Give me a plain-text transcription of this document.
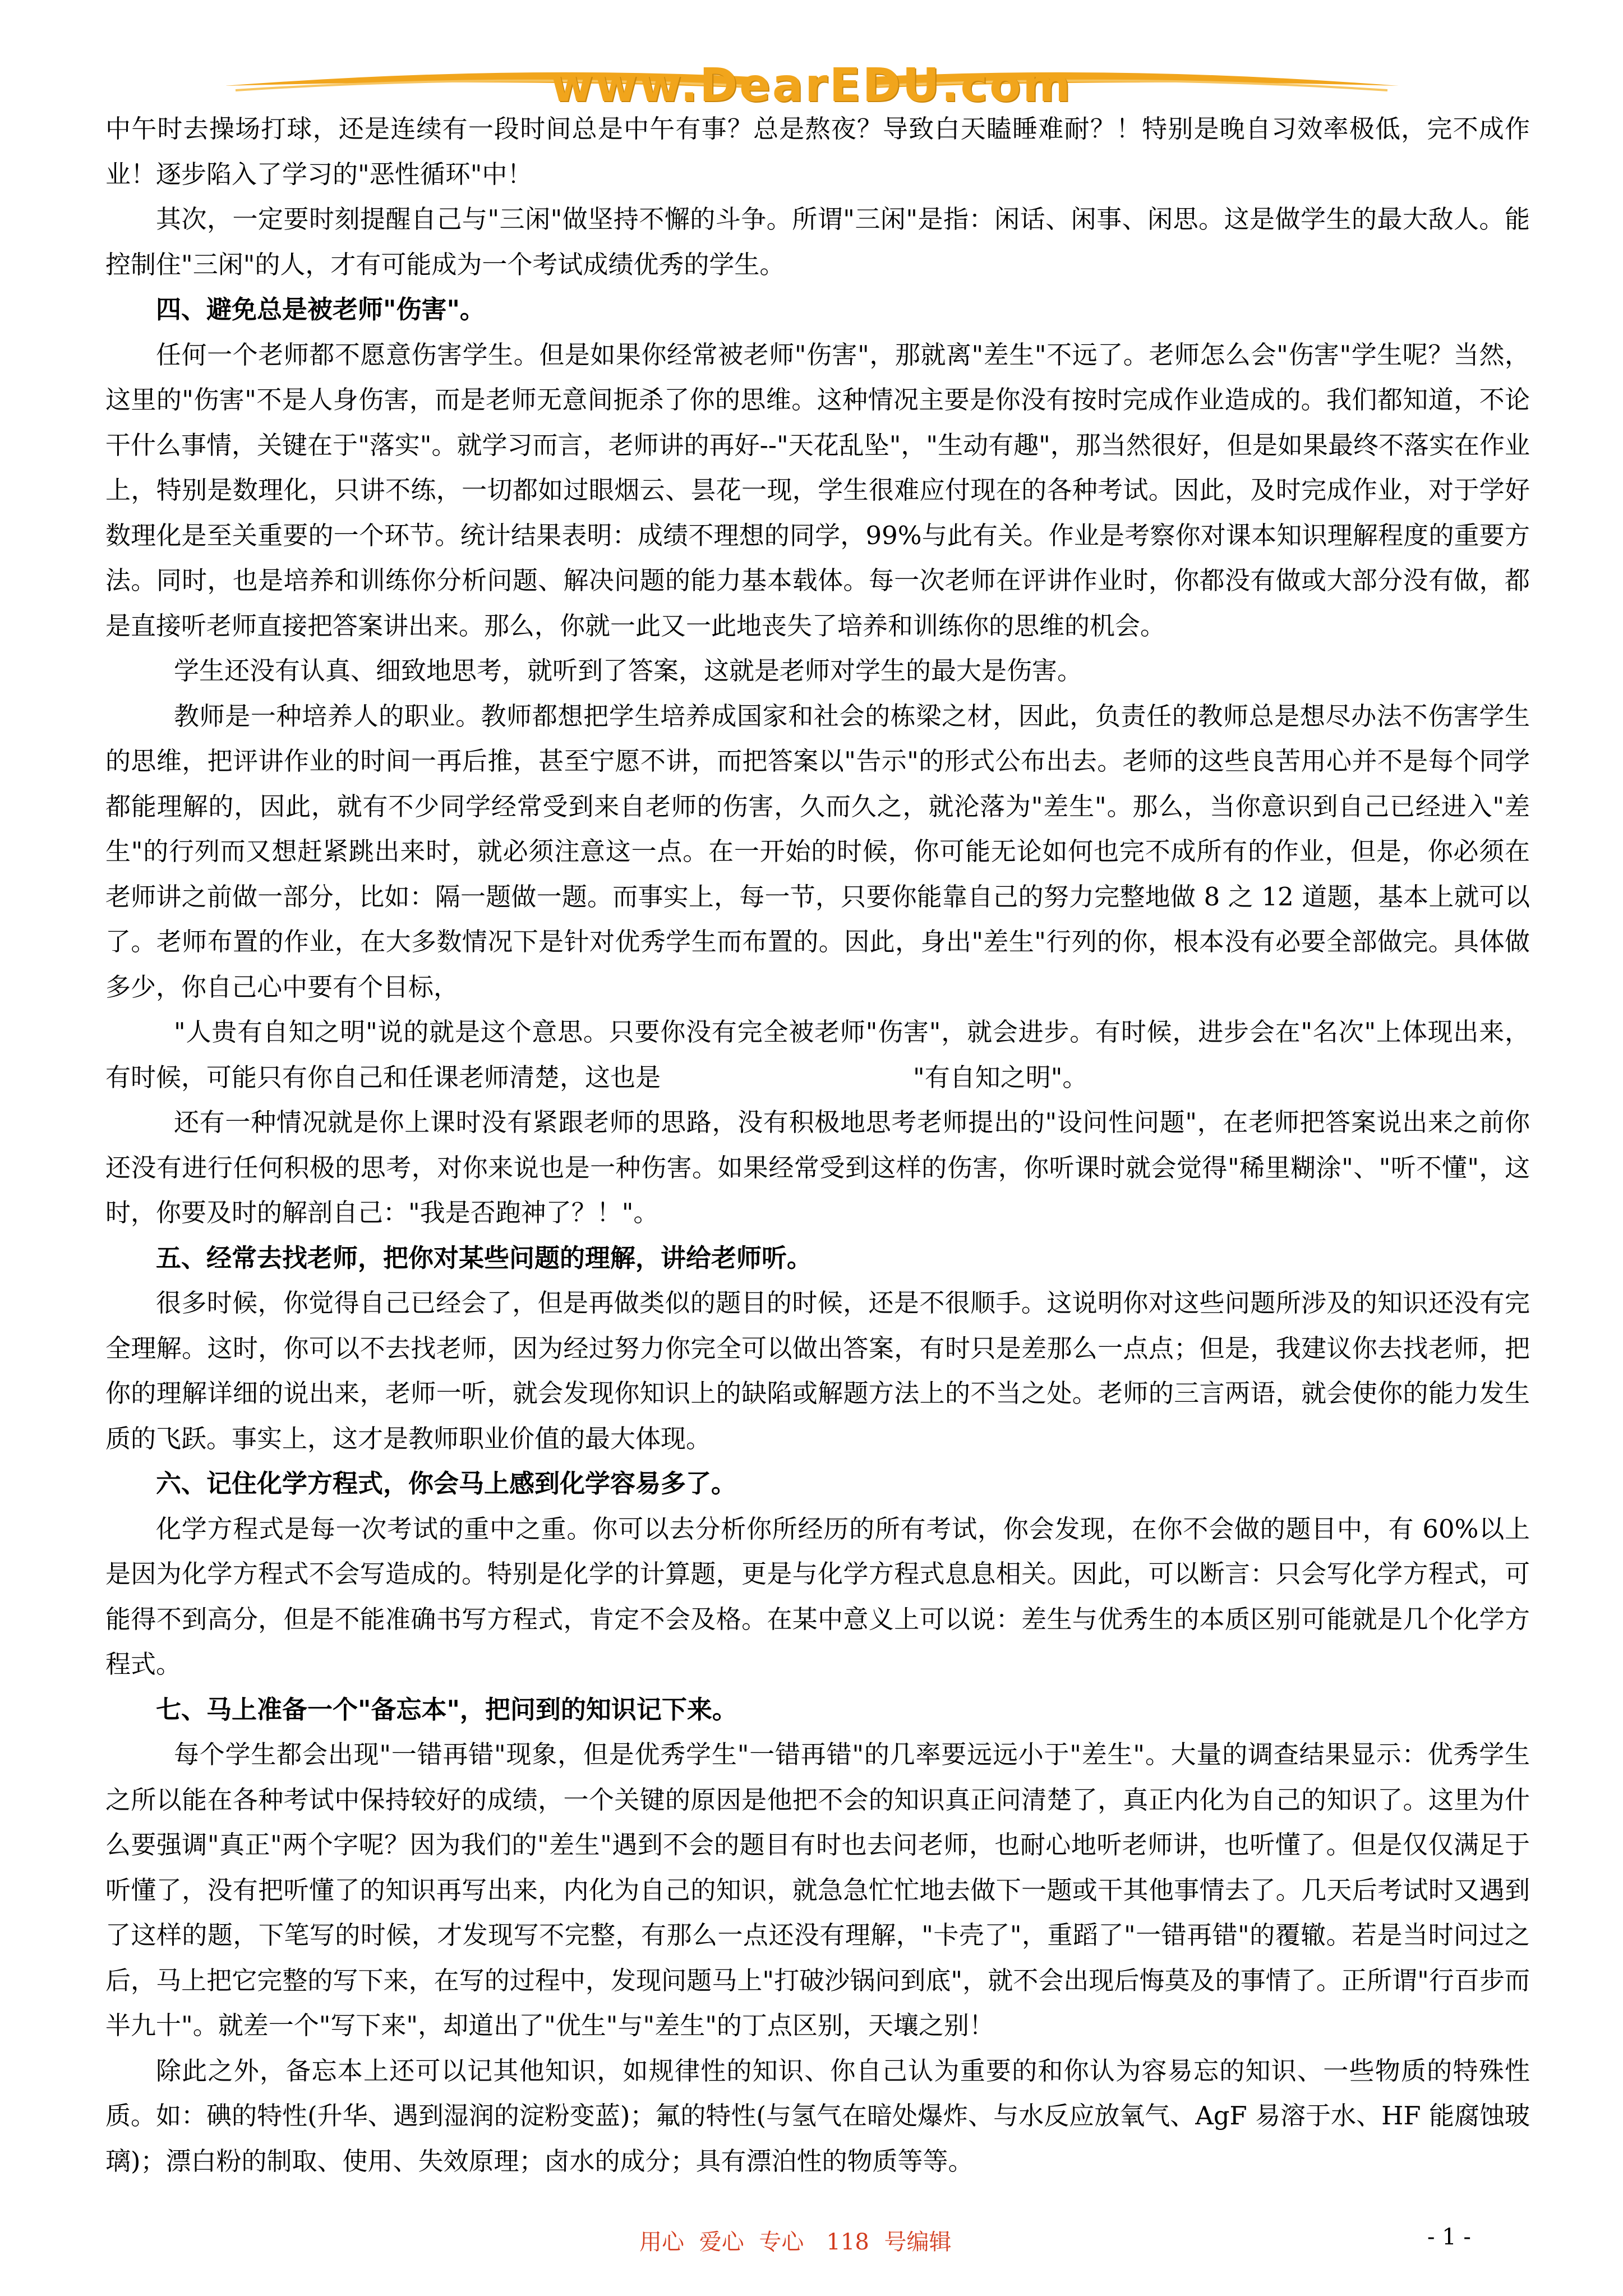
www.DearEDU.com

中午时去操场打球，还是连续有一段时间总是中午有事？总是熬夜？导致白天瞌睡难耐？！特别是晚自习效率极低，完不成作业！逐步陷入了学习的"恶性循环"中！

其次，一定要时刻提醒自己与"三闲"做坚持不懈的斗争。所谓"三闲"是指：闲话、闲事、闲思。这是做学生的最大敌人。能控制住"三闲"的人，才有可能成为一个考试成绩优秀的学生。

四、避免总是被老师"伤害"。

任何一个老师都不愿意伤害学生。但是如果你经常被老师"伤害"，那就离"差生"不远了。老师怎么会"伤害"学生呢？当然，这里的"伤害"不是人身伤害，而是老师无意间扼杀了你的思维。这种情况主要是你没有按时完成作业造成的。我们都知道，不论干什么事情，关键在于"落实"。就学习而言，老师讲的再好--"天花乱坠"，"生动有趣"，那当然很好，但是如果最终不落实在作业上，特别是数理化，只讲不练，一切都如过眼烟云、昙花一现，学生很难应付现在的各种考试。因此，及时完成作业，对于学好数理化是至关重要的一个环节。统计结果表明：成绩不理想的同学，99%与此有关。作业是考察你对课本知识理解程度的重要方法。同时，也是培养和训练你分析问题、解决问题的能力基本载体。每一次老师在评讲作业时，你都没有做或大部分没有做，都是直接听老师直接把答案讲出来。那么，你就一此又一此地丧失了培养和训练你的思维的机会。

学生还没有认真、细致地思考，就听到了答案，这就是老师对学生的最大是伤害。

教师是一种培养人的职业。教师都想把学生培养成国家和社会的栋梁之材，因此，负责任的教师总是想尽办法不伤害学生的思维，把评讲作业的时间一再后推，甚至宁愿不讲，而把答案以"告示"的形式公布出去。老师的这些良苦用心并不是每个同学都能理解的，因此，就有不少同学经常受到来自老师的伤害，久而久之，就沦落为"差生"。那么，当你意识到自己已经进入"差生"的行列而又想赶紧跳出来时，就必须注意这一点。在一开始的时候，你可能无论如何也完不成所有的作业，但是，你必须在老师讲之前做一部分，比如：隔一题做一题。而事实上，每一节，只要你能靠自己的努力完整地做 8 之 12 道题，基本上就可以了。老师布置的作业，在大多数情况下是针对优秀学生而布置的。因此，身出"差生"行列的你，根本没有必要全部做完。具体做多少，你自己心中要有个目标，

"人贵有自知之明"说的就是这个意思。只要你没有完全被老师"伤害"，就会进步。有时候，进步会在"名次"上体现出来，有时候，可能只有你自己和任课老师清楚，这也是　　　　　　　　　　"有自知之明"。

还有一种情况就是你上课时没有紧跟老师的思路，没有积极地思考老师提出的"设问性问题"，在老师把答案说出来之前你还没有进行任何积极的思考，对你来说也是一种伤害。如果经常受到这样的伤害，你听课时就会觉得"稀里糊涂"、"听不懂"，这时，你要及时的解剖自己："我是否跑神了？！"。

五、经常去找老师，把你对某些问题的理解，讲给老师听。

很多时候，你觉得自己已经会了，但是再做类似的题目的时候，还是不很顺手。这说明你对这些问题所涉及的知识还没有完全理解。这时，你可以不去找老师，因为经过努力你完全可以做出答案，有时只是差那么一点点；但是，我建议你去找老师，把你的理解详细的说出来，老师一听，就会发现你知识上的缺陷或解题方法上的不当之处。老师的三言两语，就会使你的能力发生质的飞跃。事实上，这才是教师职业价值的最大体现。

六、记住化学方程式，你会马上感到化学容易多了。

化学方程式是每一次考试的重中之重。你可以去分析你所经历的所有考试，你会发现，在你不会做的题目中，有 60%以上是因为化学方程式不会写造成的。特别是化学的计算题，更是与化学方程式息息相关。因此，可以断言：只会写化学方程式，可能得不到高分，但是不能准确书写方程式，肯定不会及格。在某中意义上可以说：差生与优秀生的本质区别可能就是几个化学方程式。

七、马上准备一个"备忘本"，把问到的知识记下来。

每个学生都会出现"一错再错"现象，但是优秀学生"一错再错"的几率要远远小于"差生"。大量的调查结果显示：优秀学生之所以能在各种考试中保持较好的成绩，一个关键的原因是他把不会的知识真正问清楚了，真正内化为自己的知识了。这里为什么要强调"真正"两个字呢？因为我们的"差生"遇到不会的题目有时也去问老师，也耐心地听老师讲，也听懂了。但是仅仅满足于听懂了，没有把听懂了的知识再写出来，内化为自己的知识，就急急忙忙地去做下一题或干其他事情去了。几天后考试时又遇到了这样的题，下笔写的时候，才发现写不完整，有那么一点还没有理解，"卡壳了"，重蹈了"一错再错"的覆辙。若是当时问过之后，马上把它完整的写下来，在写的过程中，发现问题马上"打破沙锅问到底"，就不会出现后悔莫及的事情了。正所谓"行百步而半九十"。就差一个"写下来"，却道出了"优生"与"差生"的丁点区别，天壤之别！

除此之外，备忘本上还可以记其他知识，如规律性的知识、你自己认为重要的和你认为容易忘的知识、一些物质的特殊性质。如：碘的特性(升华、遇到湿润的淀粉变蓝)；氟的特性(与氢气在暗处爆炸、与水反应放氧气、AgF 易溶于水、HF 能腐蚀玻璃)；漂白粉的制取、使用、失效原理；卤水的成分；具有漂泊性的物质等等。

用心 爱心 专心　118 号编辑	- 1 -
